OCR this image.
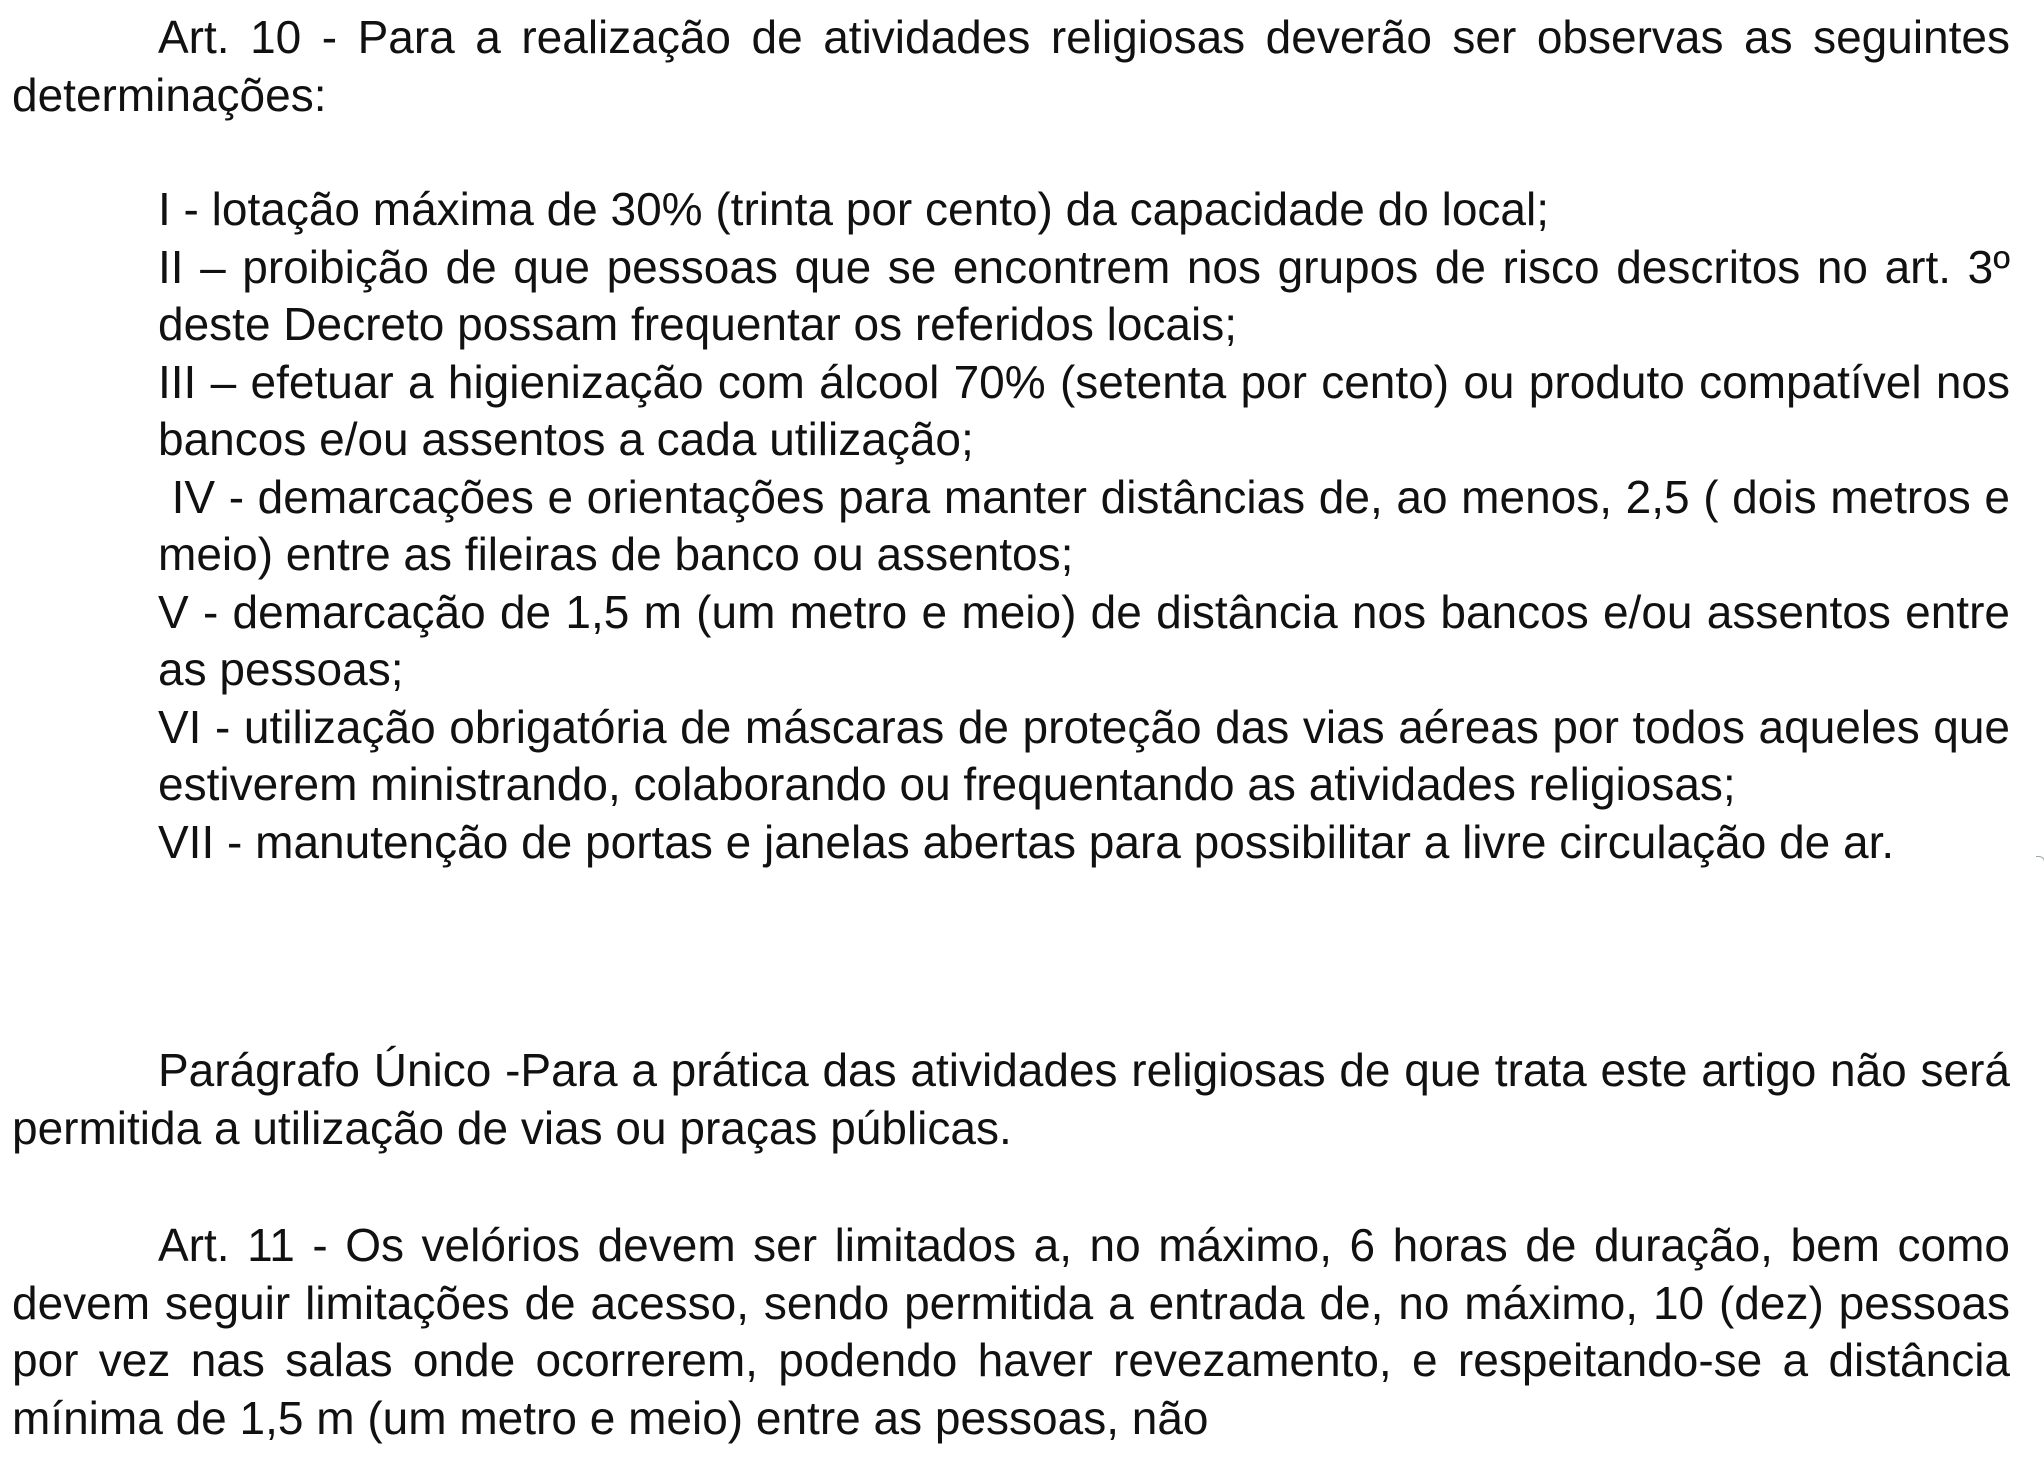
Art. 10 - Para a realização de atividades religiosas deverão ser observas as seguintes determinações:

I - lotação máxima de 30% (trinta por cento) da capacidade do local;

II – proibição de que pessoas que se encontrem nos grupos de risco descritos no art. 3º deste Decreto possam frequentar os referidos locais;

III – efetuar a higienização com álcool 70% (setenta por cento) ou produto compatível nos bancos e/ou assentos a cada utilização;

IV - demarcações e orientações para manter distâncias de, ao menos, 2,5 ( dois metros e meio) entre as fileiras de banco ou assentos;

V - demarcação de 1,5 m (um metro e meio) de distância nos bancos e/ou assentos entre as pessoas;

VI - utilização obrigatória de máscaras de proteção das vias aéreas por todos aqueles que estiverem ministrando, colaborando ou frequentando as atividades religiosas;

VII - manutenção de portas e janelas abertas para possibilitar a livre circulação de ar.

Parágrafo Único -Para a prática das atividades religiosas de que trata este artigo não será permitida a utilização de vias ou praças públicas.

Art. 11 - Os velórios devem ser limitados a, no máximo, 6 horas de duração, bem como devem seguir limitações de acesso, sendo permitida a entrada de, no máximo, 10 (dez) pessoas por vez nas salas onde ocorrerem, podendo haver revezamento, e respeitando-se a distância mínima de 1,5 m (um metro e meio) entre as pessoas, não
